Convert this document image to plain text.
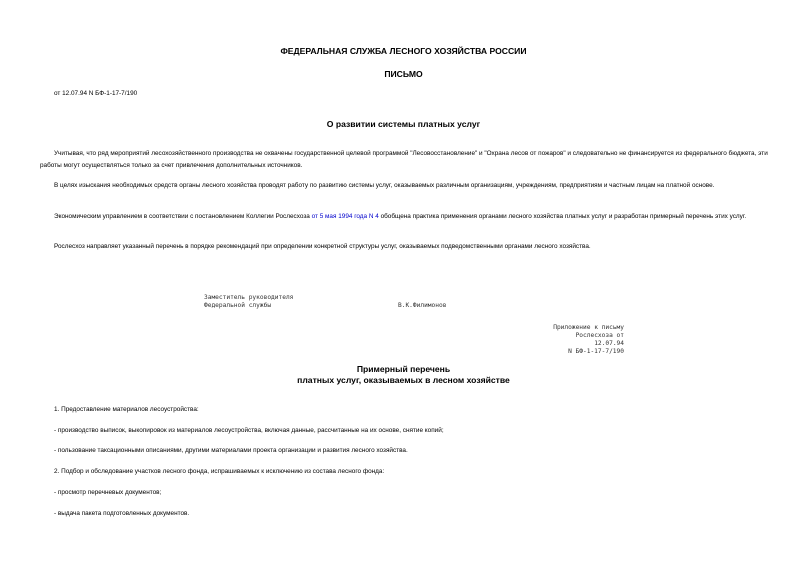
ФЕДЕРАЛЬНАЯ СЛУЖБА ЛЕСНОГО ХОЗЯЙСТВА РОССИИ
ПИСЬМО
от 12.07.94 N БФ-1-17-7/190
О развитии системы платных услуг

Учитывая, что ряд мероприятий лесохозяйственного производства не охвачены государственной целевой программой "Лесовосстановление" и "Охрана лесов от пожаров" и следовательно не финансируется из федерального бюджета, эти работы могут осуществляться только за счет привлечения дополнительных источников.

В целях изыскания необходимых средств органы лесного хозяйства проводят работу по развитию системы услуг, оказываемых различным организациям, учреждениям, предприятиям и частным лицам на платной основе.

Экономическим управлением в соответствии с постановлением Коллегии Рослесхоза от 5 мая 1994 года N 4 обобщена практика применения органами лесного хозяйства платных услуг и разработан примерный перечень этих услуг.

Рослесхоз направляет указанный перечень в порядке рекомендаций при определении конкретной структуры услуг, оказываемых подведомственными органами лесного хозяйства.

Заместитель руководителя
Федеральной службы	В.К.Филимонов
Приложение к письму
Рослесхоза от
12.07.94
N БФ-1-17-7/190
Примерный перечень
платных услуг, оказываемых в лесном хозяйстве
1. Предоставление материалов лесоустройства:
- производство выписок, выкопировок из материалов лесоустройства, включая данные, рассчитанные на их основе, снятие копий;
- пользование таксационными описаниями, другими материалами проекта организации и развития лесного хозяйства.
2. Подбор и обследование участков лесного фонда, испрашиваемых к исключению из состава лесного фонда:
- просмотр перечневых документов;
- выдача пакета подготовленных документов.
